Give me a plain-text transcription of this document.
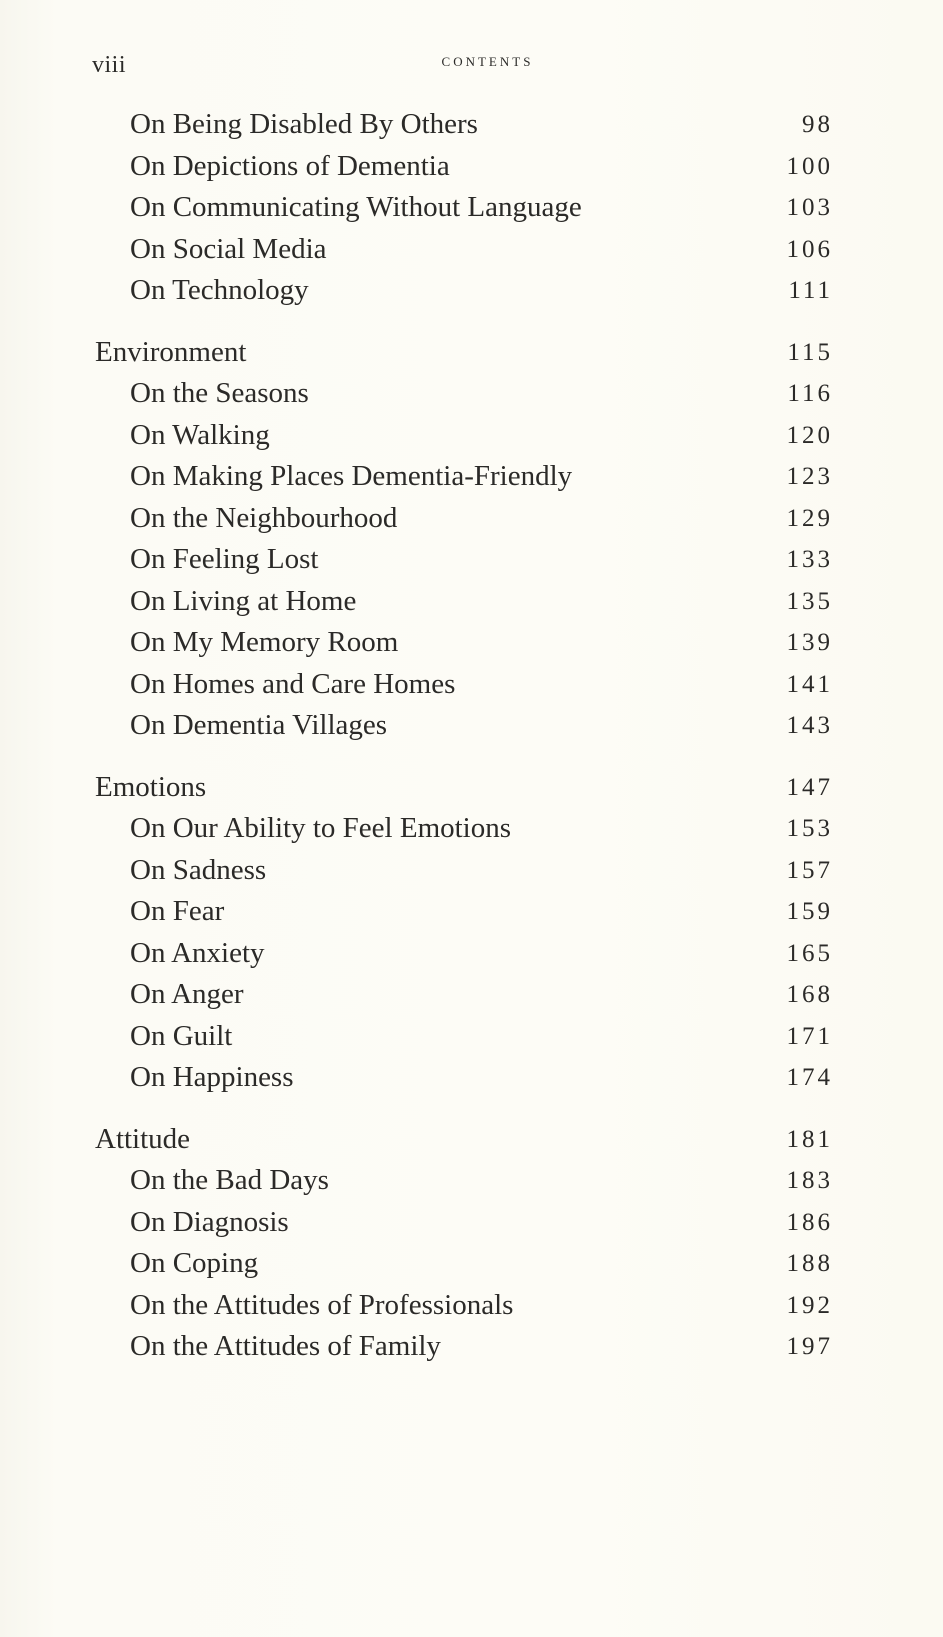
viii	contents
On Being Disabled By Others	98
On Depictions of Dementia	100
On Communicating Without Language	103
On Social Media	106
On Technology	111
Environment	115
On the Seasons	116
On Walking	120
On Making Places Dementia-Friendly	123
On the Neighbourhood	129
On Feeling Lost	133
On Living at Home	135
On My Memory Room	139
On Homes and Care Homes	141
On Dementia Villages	143
Emotions	147
On Our Ability to Feel Emotions	153
On Sadness	157
On Fear	159
On Anxiety	165
On Anger	168
On Guilt	171
On Happiness	174
Attitude	181
On the Bad Days	183
On Diagnosis	186
On Coping	188
On the Attitudes of Professionals	192
On the Attitudes of Family	197
